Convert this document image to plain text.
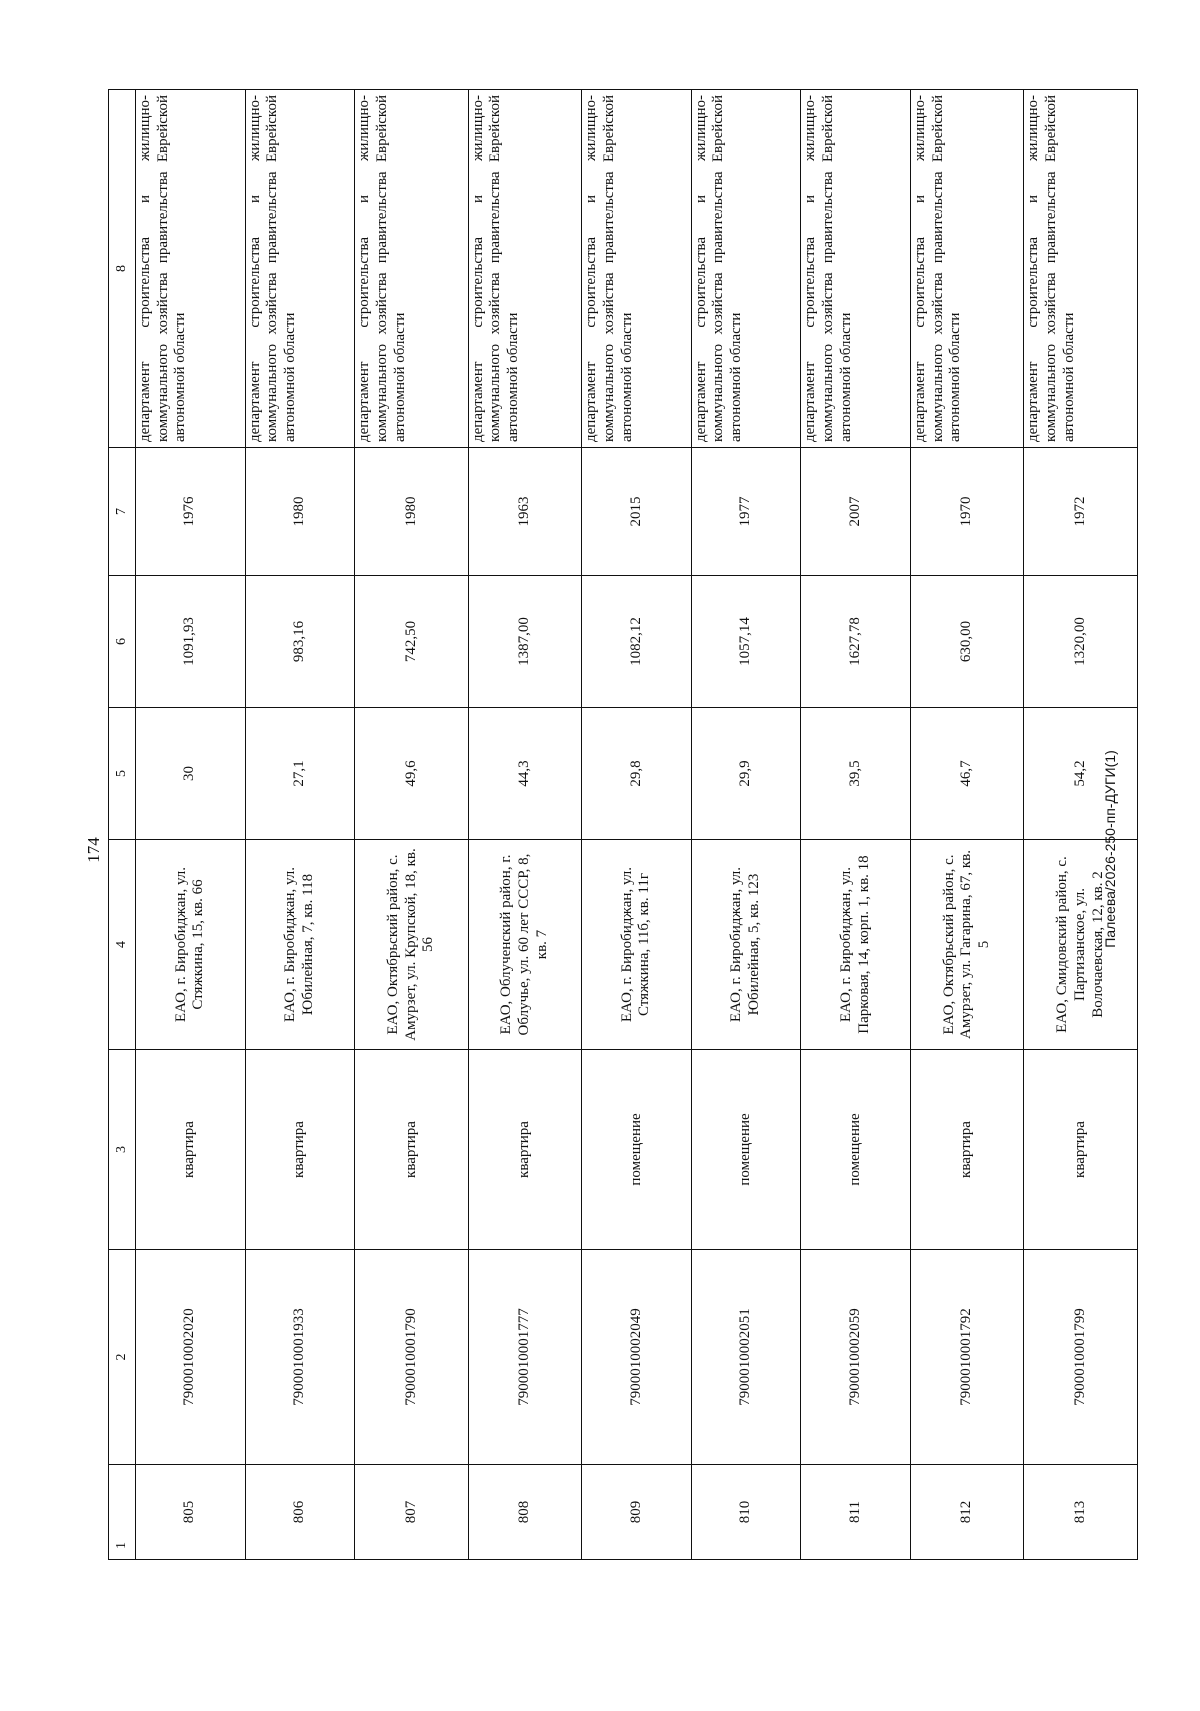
174
1	2	3	4	5	6	7	8
805	7900010002020	квартира	ЕАО, г. Биробиджан, ул. Стяжкина, 15, кв. 66	30	1091,93	1976	департамент строительства и жилищно-коммунального хозяйства правительства Еврейской автономной области
806	7900010001933	квартира	ЕАО, г. Биробиджан, ул. Юбилейная, 7, кв. 118	27,1	983,16	1980	департамент строительства и жилищно-коммунального хозяйства правительства Еврейской автономной области
807	7900010001790	квартира	ЕАО, Октябрьский район, с. Амурзет, ул. Крупской, 18, кв. 56	49,6	742,50	1980	департамент строительства и жилищно-коммунального хозяйства правительства Еврейской автономной области
808	7900010001777	квартира	ЕАО, Облученский район, г. Облучье, ул. 60 лет СССР, 8, кв. 7	44,3	1387,00	1963	департамент строительства и жилищно-коммунального хозяйства правительства Еврейской автономной области
809	7900010002049	помещение	ЕАО, г. Биробиджан, ул. Стяжкина, 11б, кв. 11г	29,8	1082,12	2015	департамент строительства и жилищно-коммунального хозяйства правительства Еврейской автономной области
810	7900010002051	помещение	ЕАО, г. Биробиджан, ул. Юбилейная, 5, кв. 123	29,9	1057,14	1977	департамент строительства и жилищно-коммунального хозяйства правительства Еврейской автономной области
811	7900010002059	помещение	ЕАО, г. Биробиджан, ул. Парковая, 14, корп. 1, кв. 18	39,5	1627,78	2007	департамент строительства и жилищно-коммунального хозяйства правительства Еврейской автономной области
812	7900010001792	квартира	ЕАО, Октябрьский район, с. Амурзет, ул. Гагарина, 67, кв. 5	46,7	630,00	1970	департамент строительства и жилищно-коммунального хозяйства правительства Еврейской автономной области
813	7900010001799	квартира	ЕАО, Смидовский район, с. Партизанское, ул. Волочаевская, 12, кв. 2	54,2	1320,00	1972	департамент строительства и жилищно-коммунального хозяйства правительства Еврейской автономной области
Палеева/2026-250-пп-ДУГИ(1)
